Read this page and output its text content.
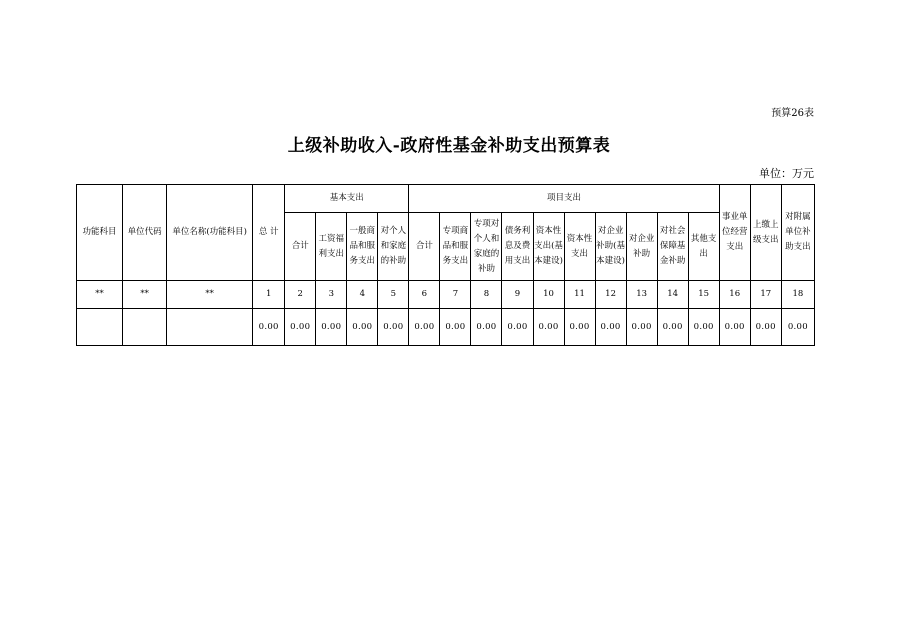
预算26表
上级补助收入-政府性基金补助支出预算表
单位：万元
功能科目	单位代码	单位名称(功能科目)	总 计	基本支出				项目支出										事业单位经营支出	上缴上级支出	对附属单位补助支出
				合计	工资福利支出	一般商品和服务支出	对个人和家庭的补助	合计	专项商品和服务支出	专项对个人和家庭的补助	债务利息及费用支出	资本性支出(基本建设)	资本性支出	对企业补助(基本建设)	对企业补助	对社会保障基金补助	其他支出			
**	**	**	1	2	3	4	5	6	7	8	9	10	11	12	13	14	15	16	17	18
			0.00	0.00	0.00	0.00	0.00	0.00	0.00	0.00	0.00	0.00	0.00	0.00	0.00	0.00	0.00	0.00	0.00	0.00
